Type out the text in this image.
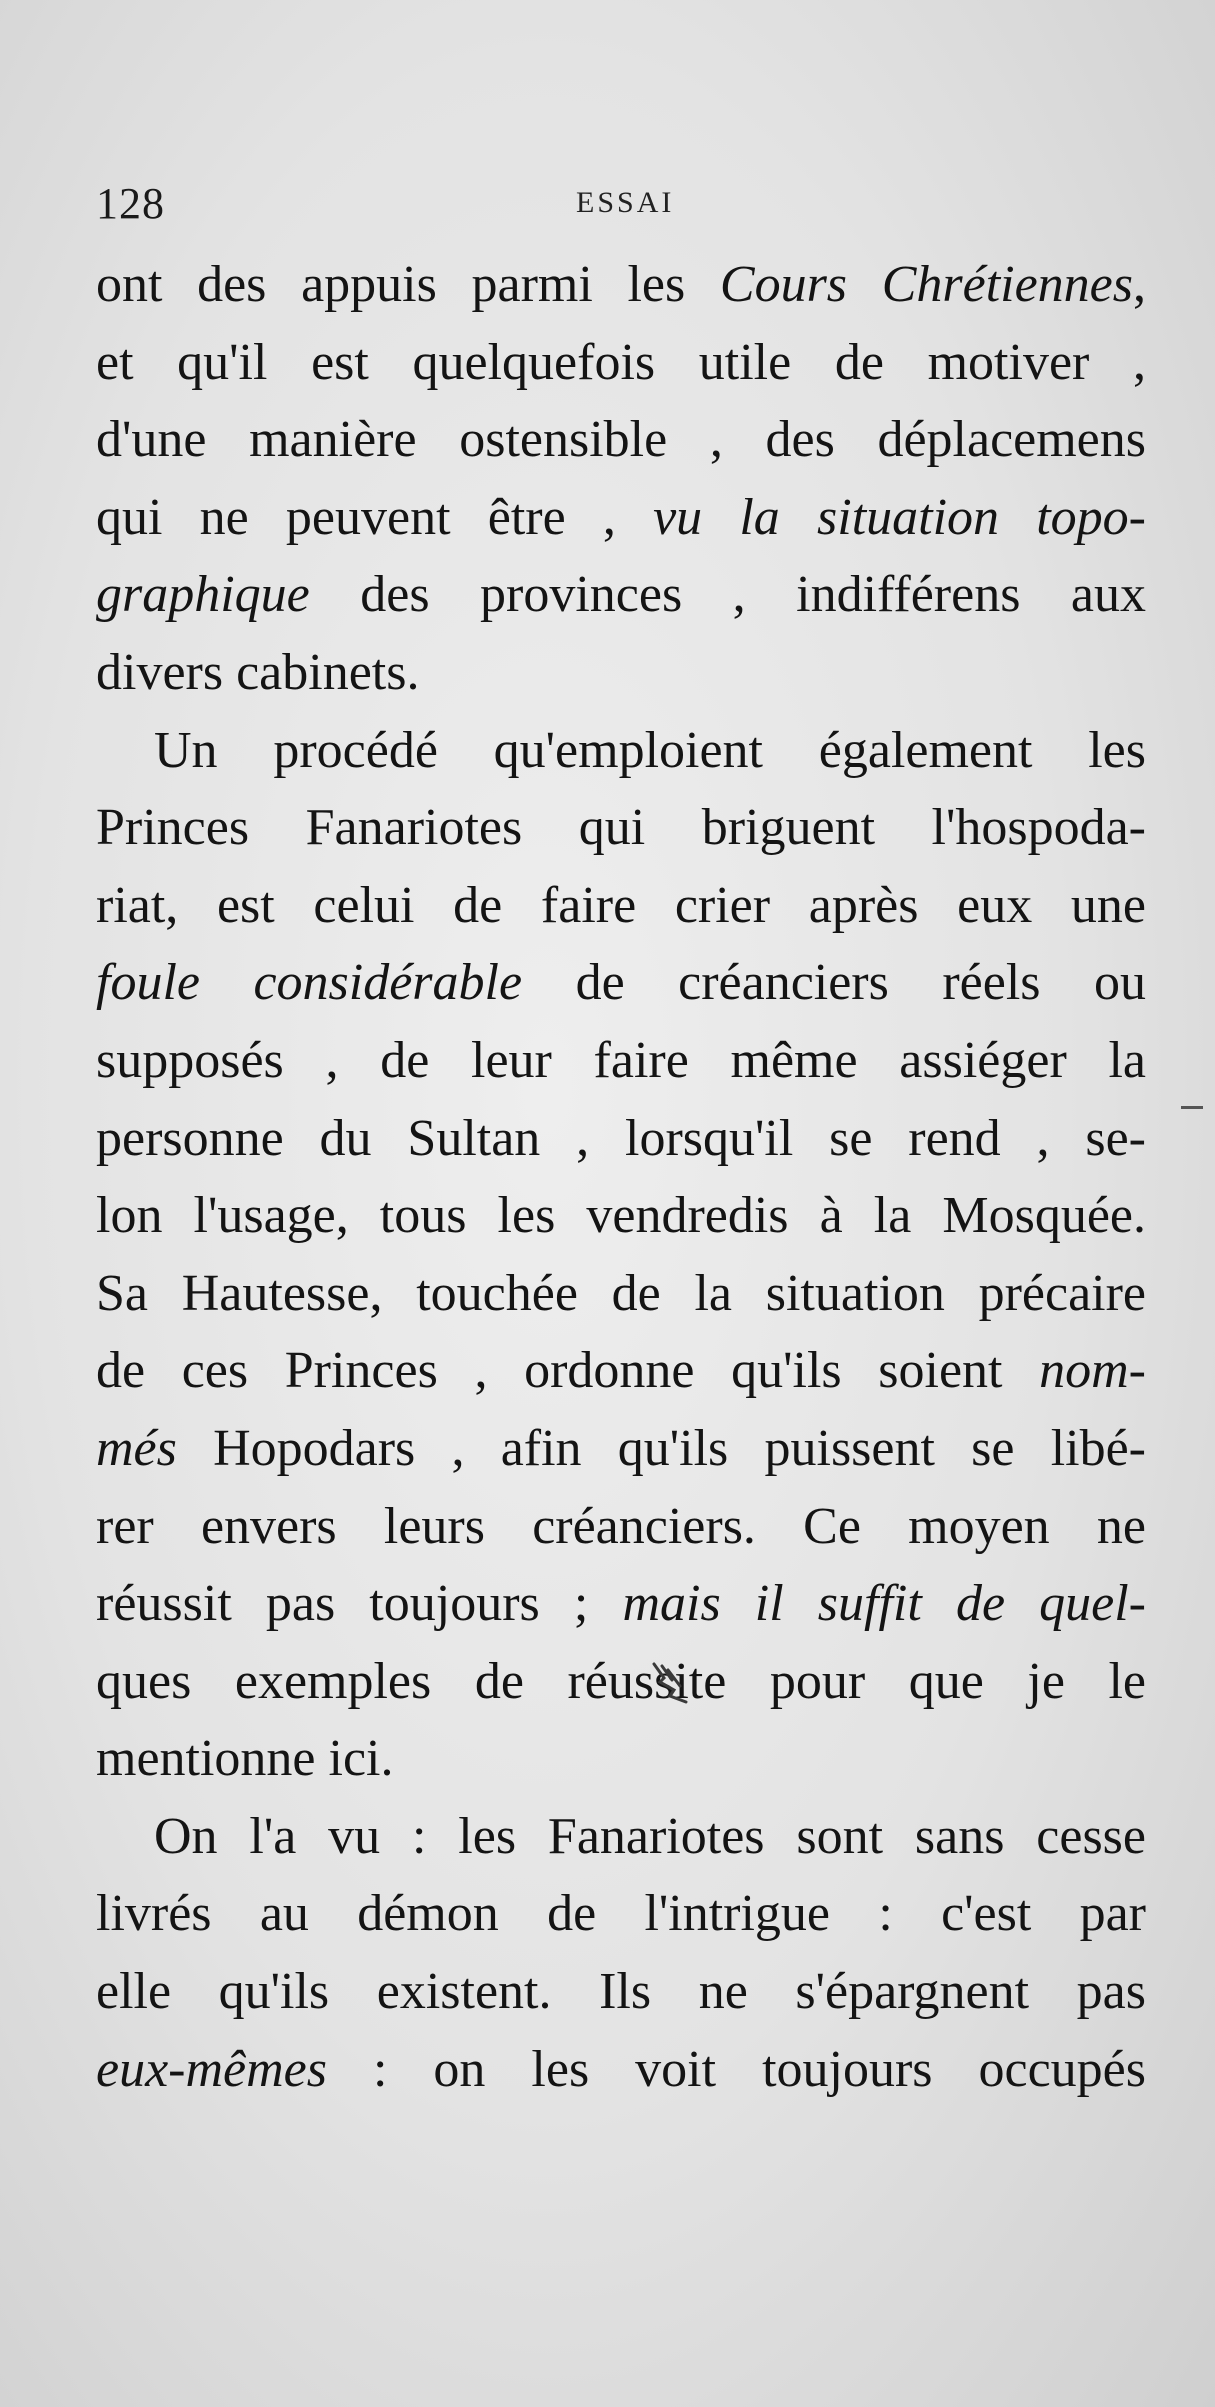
128	ESSAI
ont des appuis parmi les Cours Chrétiennes,
et qu'il est quelquefois utile de motiver ,
d'une manière ostensible , des déplacemens
qui ne peuvent être , vu la situation topo-
graphique des provinces , indifférens aux
divers cabinets.
Un procédé qu'emploient également les
Princes Fanariotes qui briguent l'hospoda-
riat, est celui de faire crier après eux une
foule considérable de créanciers réels ou
supposés , de leur faire même assiéger la
personne du Sultan , lorsqu'il se rend , se-
lon l'usage, tous les vendredis à la Mosquée.
Sa Hautesse, touchée de la situation précaire
de ces Princes , ordonne qu'ils soient nom-
més Hopodars , afin qu'ils puissent se libé-
rer envers leurs créanciers. Ce moyen ne
réussit pas toujours ; mais il suffit de quel-
ques exemples de réussite pour que je le
mentionne ici.
On l'a vu : les Fanariotes sont sans cesse
livrés au démon de l'intrigue : c'est par
elle qu'ils existent. Ils ne s'épargnent pas
eux-mêmes : on les voit toujours occupés
